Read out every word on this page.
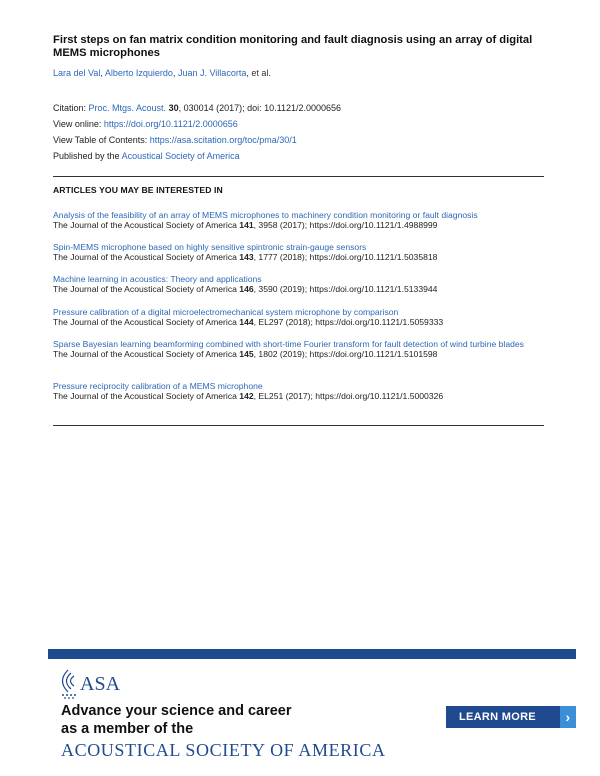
First steps on fan matrix condition monitoring and fault diagnosis using an array of digital MEMS microphones
Lara del Val, Alberto Izquierdo, Juan J. Villacorta, et al.
Citation: Proc. Mtgs. Acoust. 30, 030014 (2017); doi: 10.1121/2.0000656
View online: https://doi.org/10.1121/2.0000656
View Table of Contents: https://asa.scitation.org/toc/pma/30/1
Published by the Acoustical Society of America
ARTICLES YOU MAY BE INTERESTED IN
Analysis of the feasibility of an array of MEMS microphones to machinery condition monitoring or fault diagnosis
The Journal of the Acoustical Society of America 141, 3958 (2017); https://doi.org/10.1121/1.4988999
Spin-MEMS microphone based on highly sensitive spintronic strain-gauge sensors
The Journal of the Acoustical Society of America 143, 1777 (2018); https://doi.org/10.1121/1.5035818
Machine learning in acoustics: Theory and applications
The Journal of the Acoustical Society of America 146, 3590 (2019); https://doi.org/10.1121/1.5133944
Pressure calibration of a digital microelectromechanical system microphone by comparison
The Journal of the Acoustical Society of America 144, EL297 (2018); https://doi.org/10.1121/1.5059333
Sparse Bayesian learning beamforming combined with short-time Fourier transform for fault detection of wind turbine blades
The Journal of the Acoustical Society of America 145, 1802 (2019); https://doi.org/10.1121/1.5101598
Pressure reciprocity calibration of a MEMS microphone
The Journal of the Acoustical Society of America 142, EL251 (2017); https://doi.org/10.1121/1.5000326
ASA
Advance your science and career
as a member of the
ACOUSTICAL SOCIETY OF AMERICA
LEARN MORE	›
